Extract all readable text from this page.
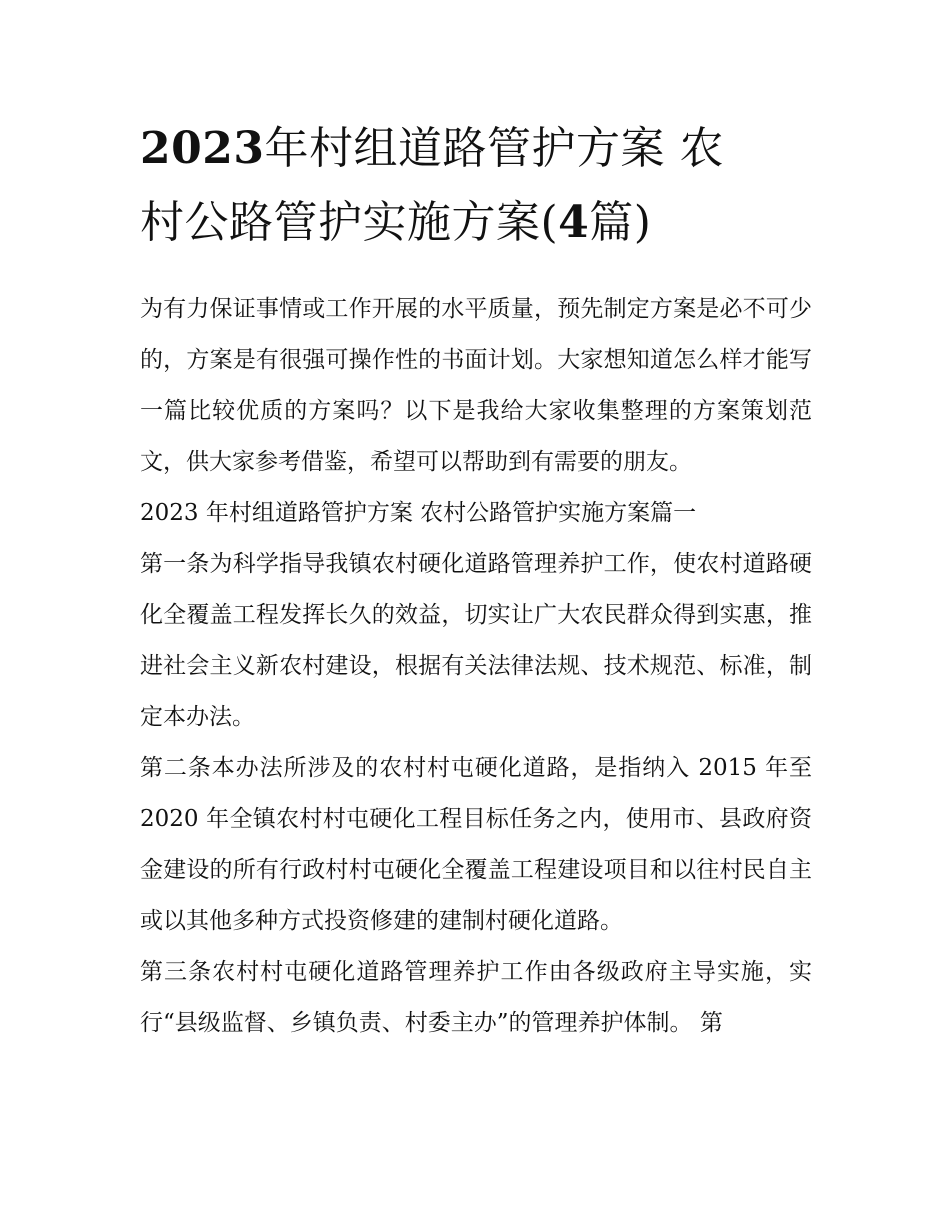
2023年村组道路管护方案 农
村公路管护实施方案(4篇)

为有力保证事情或工作开展的水平质量，预先制定方案是必不可少的，方案是有很强可操作性的书面计划。大家想知道怎么样才能写一篇比较优质的方案吗？以下是我给大家收集整理的方案策划范文，供大家参考借鉴，希望可以帮助到有需要的朋友。

2023 年村组道路管护方案 农村公路管护实施方案篇一

第一条为科学指导我镇农村硬化道路管理养护工作，使农村道路硬化全覆盖工程发挥长久的效益，切实让广大农民群众得到实惠，推进社会主义新农村建设，根据有关法律法规、技术规范、标准，制定本办法。

第二条本办法所涉及的农村村屯硬化道路，是指纳入 2015 年至 2020 年全镇农村村屯硬化工程目标任务之内，使用市、县政府资金建设的所有行政村村屯硬化全覆盖工程建设项目和以往村民自主或以其他多种方式投资修建的建制村硬化道路。

第三条农村村屯硬化道路管理养护工作由各级政府主导实施，实行“县级监督、乡镇负责、村委主办”的管理养护体制。 第
